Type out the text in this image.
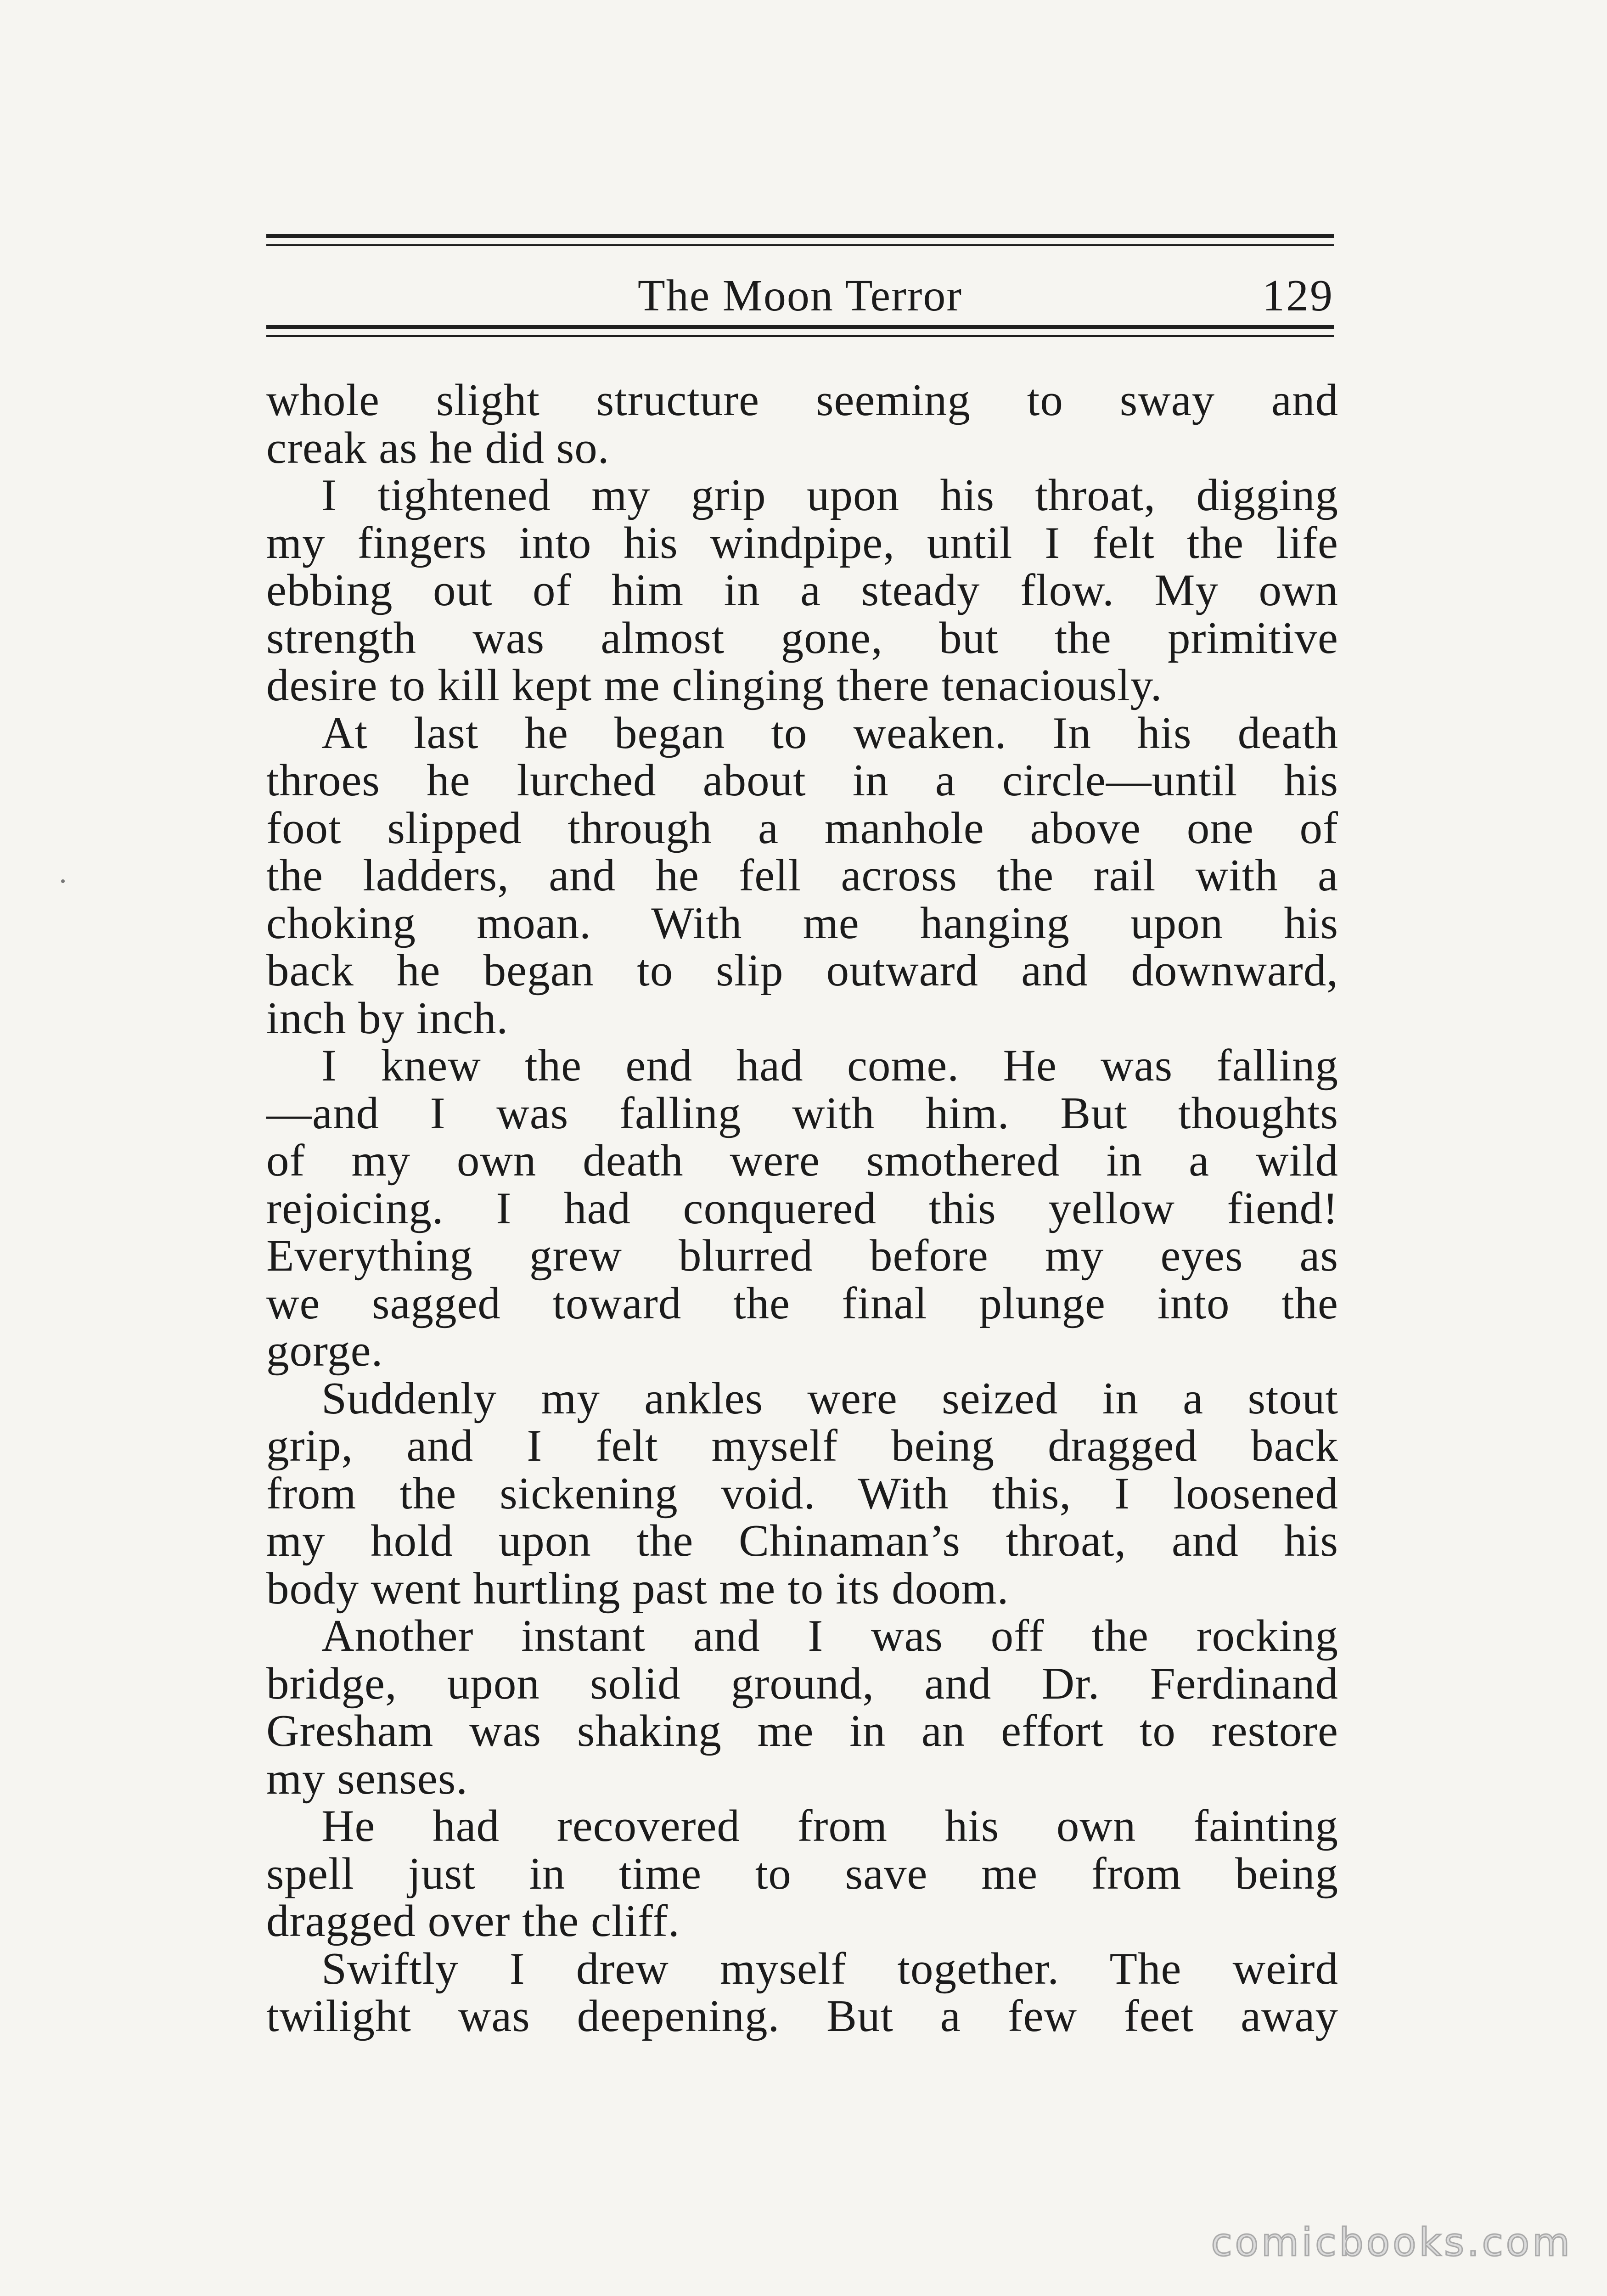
The Moon Terror	129

whole slight structure seeming to sway and
creak as he did so.

I tightened my grip upon his throat, digging
my fingers into his windpipe, until I felt the life
ebbing out of him in a steady flow. My own
strength was almost gone, but the primitive
desire to kill kept me clinging there tenaciously.

At last he began to weaken. In his death
throes he lurched about in a circle—until his
foot slipped through a manhole above one of
the ladders, and he fell across the rail with a
choking moan. With me hanging upon his
back he began to slip outward and downward,
inch by inch.

I knew the end had come. He was falling
—and I was falling with him. But thoughts
of my own death were smothered in a wild
rejoicing. I had conquered this yellow fiend!
Everything grew blurred before my eyes as
we sagged toward the final plunge into the
gorge.

Suddenly my ankles were seized in a stout
grip, and I felt myself being dragged back
from the sickening void. With this, I loosened
my hold upon the Chinaman’s throat, and his
body went hurtling past me to its doom.

Another instant and I was off the rocking
bridge, upon solid ground, and Dr. Ferdinand
Gresham was shaking me in an effort to restore
my senses.

He had recovered from his own fainting
spell just in time to save me from being
dragged over the cliff.

Swiftly I drew myself together. The weird
twilight was deepening. But a few feet away

comicbooks.com
